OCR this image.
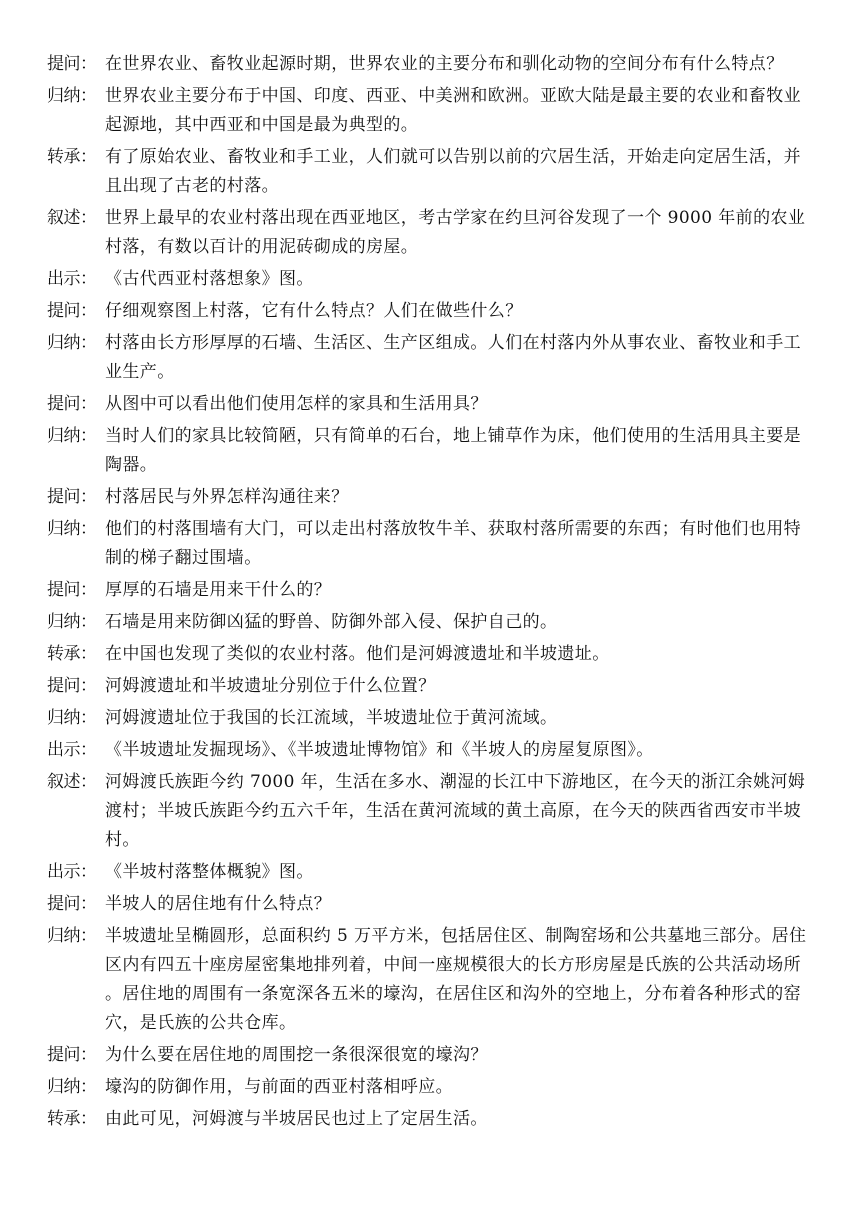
提问： 在世界农业、畜牧业起源时期，世界农业的主要分布和驯化动物的空间分布有什么特点？
归纳： 世界农业主要分布于中国、印度、西亚、中美洲和欧洲。亚欧大陆是最主要的农业和畜牧业起源地，其中西亚和中国是最为典型的。
转承： 有了原始农业、畜牧业和手工业，人们就可以告别以前的穴居生活，开始走向定居生活，并且出现了古老的村落。
叙述： 世界上最早的农业村落出现在西亚地区，考古学家在约旦河谷发现了一个 9000 年前的农业村落，有数以百计的用泥砖砌成的房屋。
出示： 《古代西亚村落想象》图。
提问： 仔细观察图上村落，它有什么特点？人们在做些什么？
归纳： 村落由长方形厚厚的石墙、生活区、生产区组成。人们在村落内外从事农业、畜牧业和手工业生产。
提问： 从图中可以看出他们使用怎样的家具和生活用具？
归纳： 当时人们的家具比较简陋，只有简单的石台，地上铺草作为床，他们使用的生活用具主要是陶器。
提问： 村落居民与外界怎样沟通往来？
归纳： 他们的村落围墙有大门，可以走出村落放牧牛羊、获取村落所需要的东西；有时他们也用特制的梯子翻过围墙。
提问： 厚厚的石墙是用来干什么的？
归纳： 石墙是用来防御凶猛的野兽、防御外部入侵、保护自己的。
转承： 在中国也发现了类似的农业村落。他们是河姆渡遗址和半坡遗址。
提问： 河姆渡遗址和半坡遗址分别位于什么位置？
归纳： 河姆渡遗址位于我国的长江流域，半坡遗址位于黄河流域。
出示： 《半坡遗址发掘现场》、《半坡遗址博物馆》和《半坡人的房屋复原图》。
叙述： 河姆渡氏族距今约 7000 年，生活在多水、潮湿的长江中下游地区，在今天的浙江余姚河姆渡村；半坡氏族距今约五六千年，生活在黄河流域的黄土高原，在今天的陕西省西安市半坡村。
出示： 《半坡村落整体概貌》图。
提问： 半坡人的居住地有什么特点？
归纳： 半坡遗址呈椭圆形，总面积约 5 万平方米，包括居住区、制陶窑场和公共墓地三部分。居住区内有四五十座房屋密集地排列着，中间一座规模很大的长方形房屋是氏族的公共活动场所。居住地的周围有一条宽深各五米的壕沟，在居住区和沟外的空地上，分布着各种形式的窑穴，是氏族的公共仓库。
提问： 为什么要在居住地的周围挖一条很深很宽的壕沟？
归纳： 壕沟的防御作用，与前面的西亚村落相呼应。
转承： 由此可见，河姆渡与半坡居民也过上了定居生活。
